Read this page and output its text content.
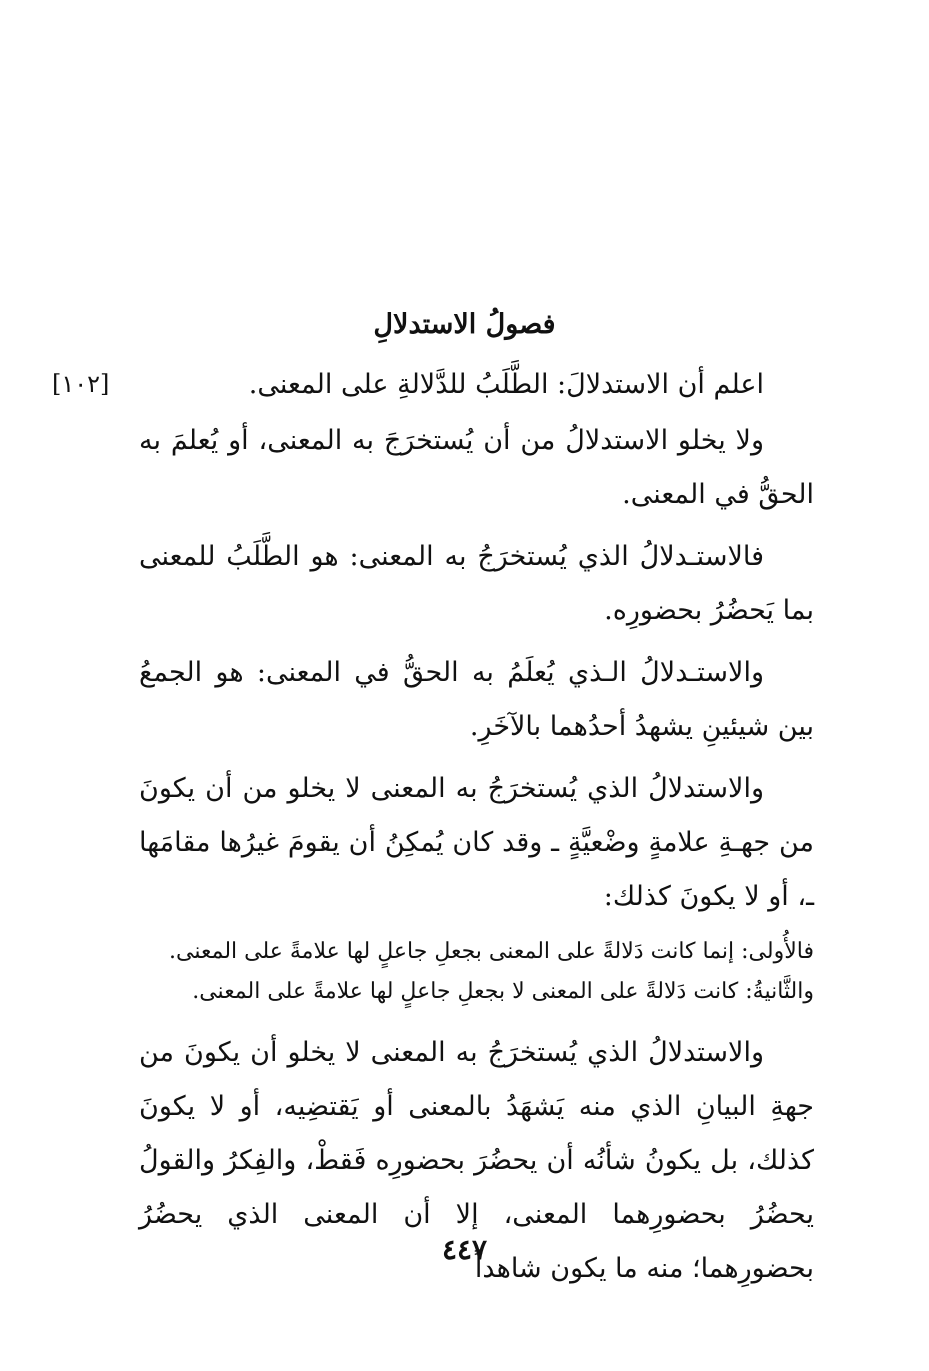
فصولُ الاستدلالِ
[١٠٢]	اعلم أن الاستدلالَ: الطَّلَبُ للدَّلالةِ على المعنى.

ولا يخلو الاستدلالُ من أن يُستخرَجَ به المعنى، أو يُعلمَ به الحقُّ في المعنى.

فالاستـدلالُ الذي يُستخرَجُ به المعنى: هو الطَّلَبُ للمعنى بما يَحضُرُ بحضورِه.

والاستـدلالُ الـذي يُعلَمُ به الحقُّ في المعنى: هو الجمعُ بين شيئينِ يشهدُ أحدُهما بالآخَرِ.

والاستدلالُ الذي يُستخرَجُ به المعنى لا يخلو من أن يكونَ من جهـةِ علامةٍ وضْعيَّةٍ ـ وقد كان يُمكِنُ أن يقومَ غيرُها مقامَها ـ، أو لا يكونَ كذلك:

فالأُولى: إنما كانت دَلالةً على المعنى بجعلِ جاعلٍ لها علامةً على المعنى.
والثَّانيةُ: كانت دَلالةً على المعنى لا بجعلِ جاعلٍ لها علامةً على المعنى.

والاستدلالُ الذي يُستخرَجُ به المعنى لا يخلو أن يكونَ من جهةِ البيانِ الذي منه يَشهَدُ بالمعنى أو يَقتضِيه، أو لا يكونَ كذلك، بل يكونُ شأنُه أن يحضُرَ بحضورِه فَقطْ، والفِكرُ والقولُ يحضُرُ بحضورِهما المعنى، إلا أن المعنى الذي يحضُرُ بحضورِهما؛ منه ما يكون شاهداً

٤٤٧
